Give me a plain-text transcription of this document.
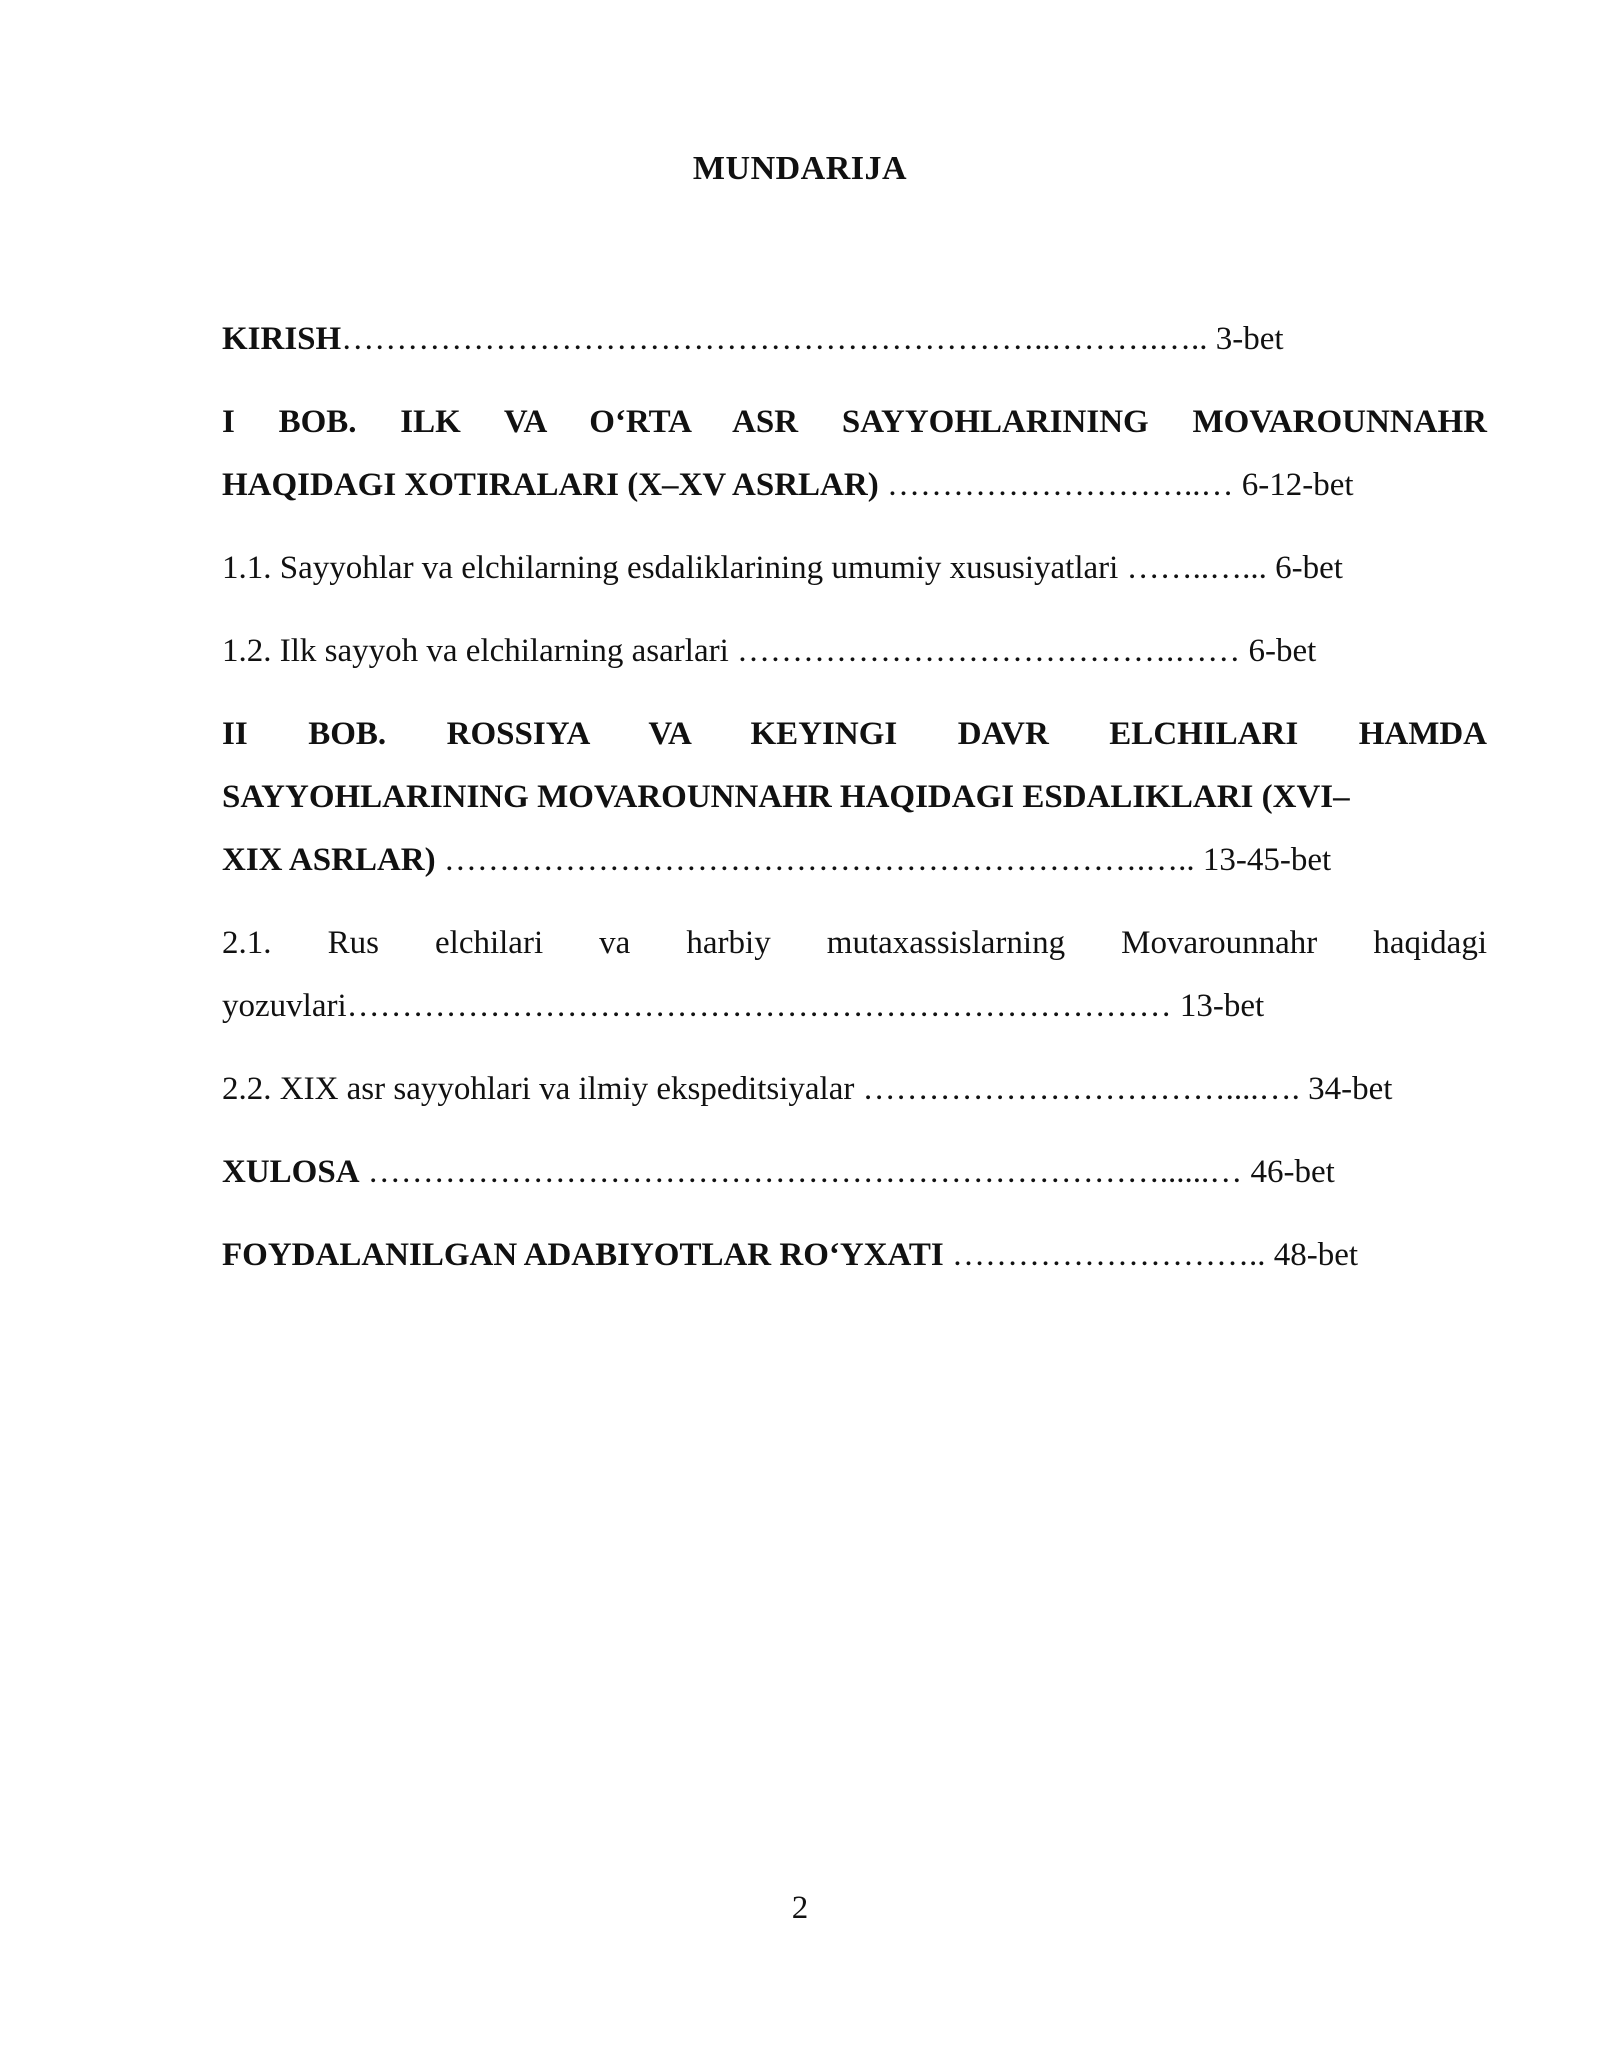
MUNDARIJA
KIRISH………………………………………………………..……….….. 3-bet
I BOB. ILK VA O‘RTA ASR SAYYOHLARINING MOVAROUNNAHR
HAQIDAGI XOTIRALARI (X–XV ASRLAR) ………………………..… 6-12-bet
1.1. Sayyohlar va elchilarning esdaliklarining umumiy xususiyatlari ……..…... 6-bet
1.2. Ilk sayyoh va elchilarning asarlari ………………………………….…… 6-bet
II BOB. ROSSIYA VA KEYINGI DAVR ELCHILARI HAMDA
SAYYOHLARINING MOVAROUNNAHR HAQIDAGI ESDALIKLARI (XVI–
XIX ASRLAR) ……………………………………………………….….. 13-45-bet
2.1. Rus elchilari va harbiy mutaxassislarning Movarounnahr haqidagi
yozuvlari………………………………………………………………… 13-bet
2.2. XIX asr sayyohlari va ilmiy ekspeditsiyalar ……………………………....…. 34-bet
XULOSA ………………………………………………………………......… 46-bet
FOYDALANILGAN ADABIYOTLAR RO‘YXATI ……………………….. 48-bet
2
